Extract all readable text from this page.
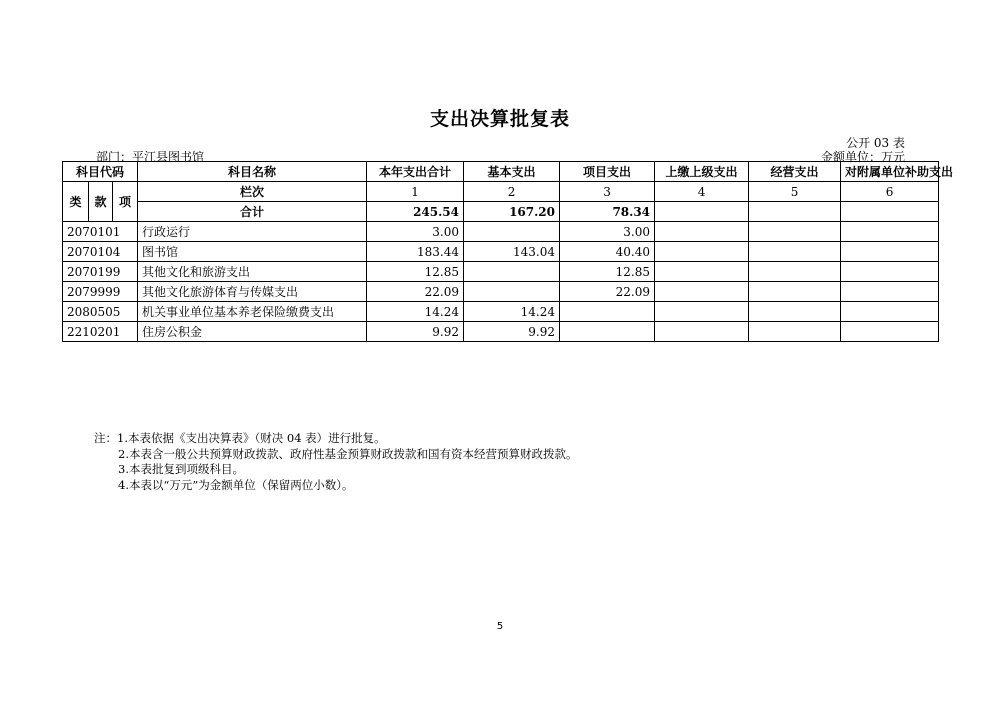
支出决算批复表
公开 03 表
部门：平江县图书馆	金额单位：万元
科目代码			科目名称	本年支出合计	基本支出	项目支出	上缴上级支出	经营支出	对附属单位补助支出
类	款	项	栏次	1	2	3	4	5	6
			合计	245.54	167.20	78.34			
2070101			行政运行	3.00		3.00			
2070104			图书馆	183.44	143.04	40.40			
2070199			其他文化和旅游支出	12.85		12.85			
2079999			其他文化旅游体育与传媒支出	22.09		22.09			
2080505			机关事业单位基本养老保险缴费支出	14.24	14.24				
2210201			住房公积金	9.92	9.92				
注：1.本表依据《支出决算表》（财决 04 表）进行批复。
2.本表含一般公共预算财政拨款、政府性基金预算财政拨款和国有资本经营预算财政拨款。
3.本表批复到项级科目。
4.本表以“万元”为金额单位（保留两位小数）。
5
